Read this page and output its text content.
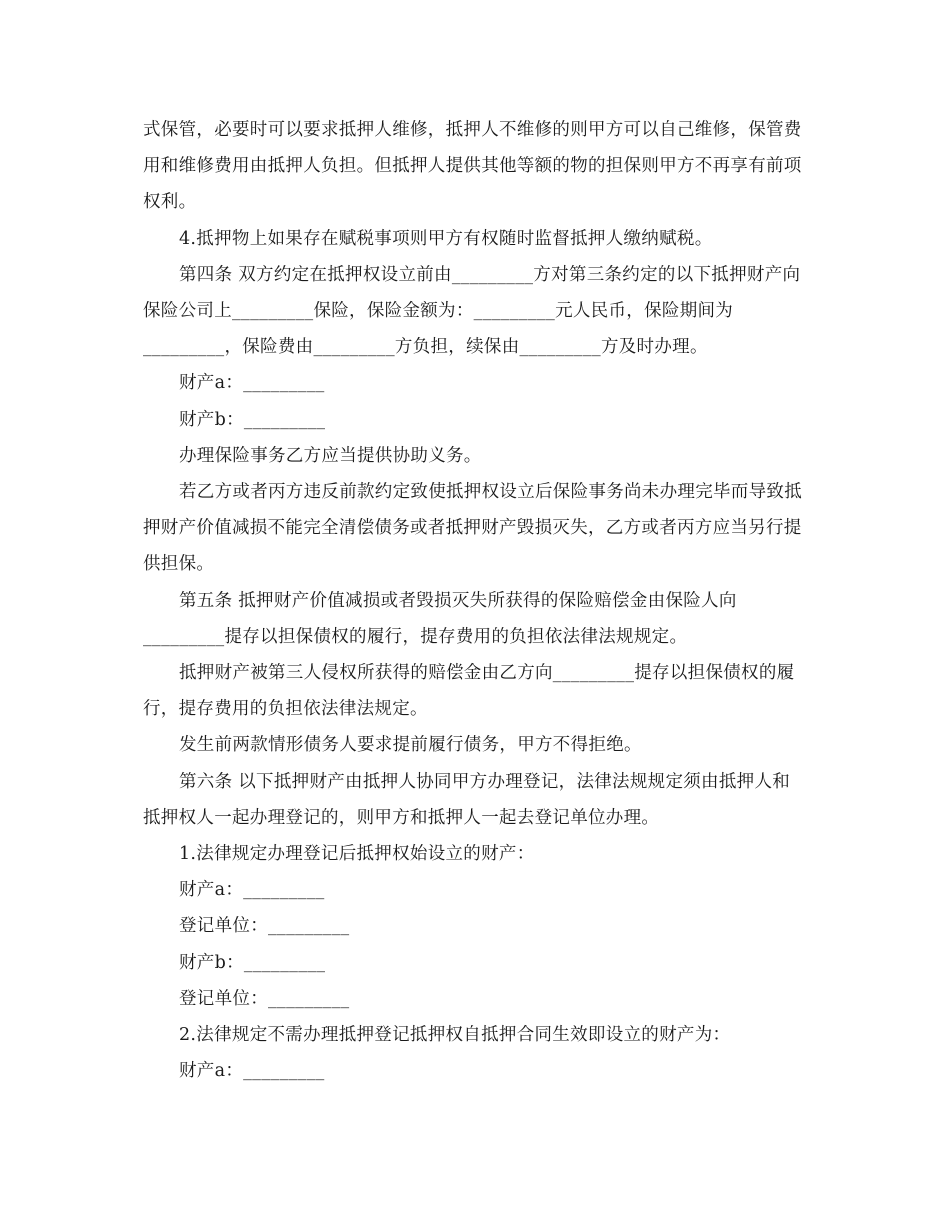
式保管，必要时可以要求抵押人维修，抵押人不维修的则甲方可以自己维修，保管费用和维修费用由抵押人负担。但抵押人提供其他等额的物的担保则甲方不再享有前项权利。

4.抵押物上如果存在赋税事项则甲方有权随时监督抵押人缴纳赋税。

第四条 双方约定在抵押权设立前由_________方对第三条约定的以下抵押财产向保险公司上_________保险，保险金额为：_________元人民币，保险期间为_________，保险费由_________方负担，续保由_________方及时办理。

财产a：_________

财产b：_________

办理保险事务乙方应当提供协助义务。

若乙方或者丙方违反前款约定致使抵押权设立后保险事务尚未办理完毕而导致抵押财产价值减损不能完全清偿债务或者抵押财产毁损灭失，乙方或者丙方应当另行提供担保。

第五条 抵押财产价值减损或者毁损灭失所获得的保险赔偿金由保险人向_________提存以担保债权的履行，提存费用的负担依法律法规规定。

抵押财产被第三人侵权所获得的赔偿金由乙方向_________提存以担保债权的履行，提存费用的负担依法律法规定。

发生前两款情形债务人要求提前履行债务，甲方不得拒绝。

第六条 以下抵押财产由抵押人协同甲方办理登记，法律法规规定须由抵押人和抵押权人一起办理登记的，则甲方和抵押人一起去登记单位办理。

1.法律规定办理登记后抵押权始设立的财产：

财产a：_________

登记单位：_________

财产b：_________

登记单位：_________

2.法律规定不需办理抵押登记抵押权自抵押合同生效即设立的财产为：

财产a：_________
